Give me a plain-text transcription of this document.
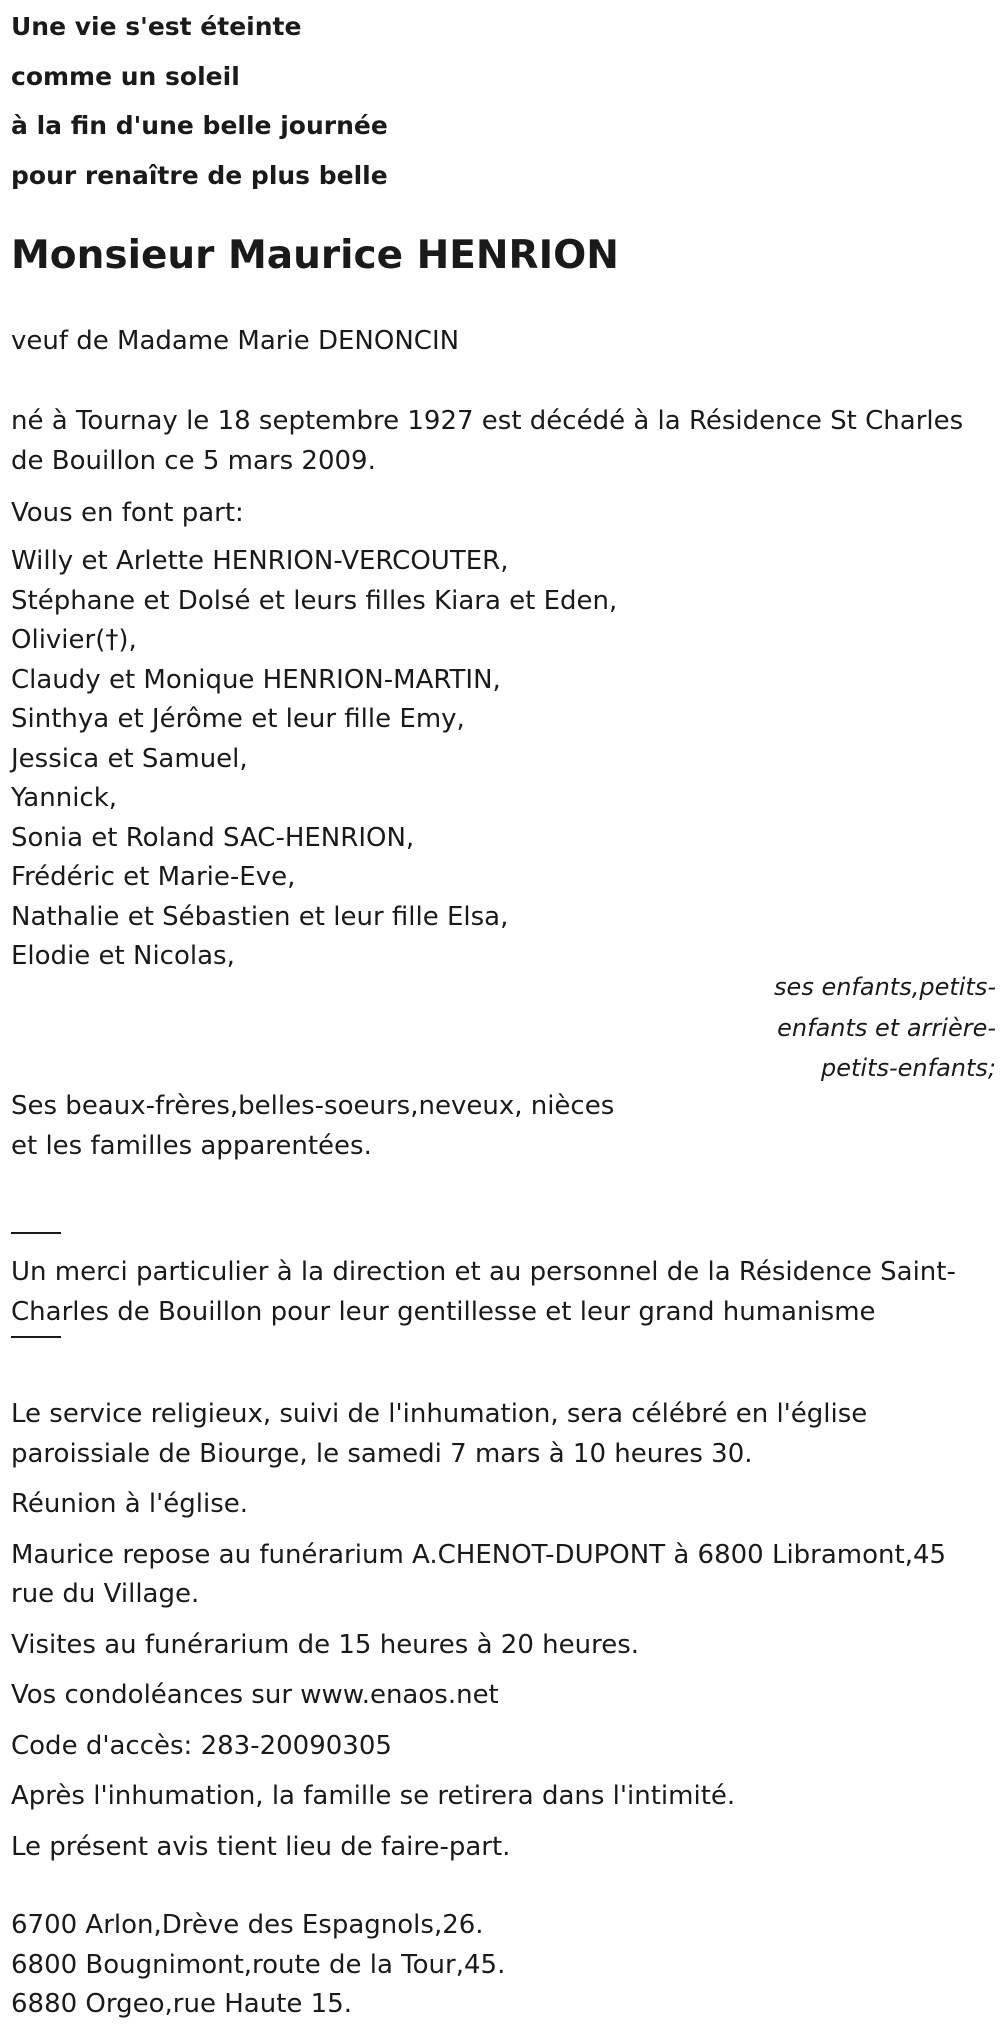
Une vie s'est éteinte

comme un soleil

à la fin d'une belle journée

pour renaître de plus belle

Monsieur Maurice HENRION

veuf de Madame Marie DENONCIN

né à Tournay le 18 septembre 1927 est décédé à la Résidence St Charles

de Bouillon ce 5 mars 2009.

Vous en font part:

Willy et Arlette HENRION-VERCOUTER,

Stéphane et Dolsé et leurs filles Kiara et Eden,

Olivier(†),

Claudy et Monique HENRION-MARTIN,

Sinthya et Jérôme et leur fille Emy,

Jessica et Samuel,

Yannick,

Sonia et Roland SAC-HENRION,

Frédéric et Marie-Eve,

Nathalie et Sébastien et leur fille Elsa,

Elodie et Nicolas,

ses enfants,petits-
enfants et arrière-
petits-enfants;

Ses beaux-frères,belles-soeurs,neveux, nièces

et les familles apparentées.

Un merci particulier à la direction et au personnel de la Résidence Saint-

Charles de Bouillon pour leur gentillesse et leur grand humanisme

Le service religieux, suivi de l'inhumation, sera célébré en l'église

paroissiale de Biourge, le samedi 7 mars à 10 heures 30.

Réunion à l'église.

Maurice repose au funérarium A.CHENOT-DUPONT à 6800 Libramont,45

rue du Village.

Visites au funérarium de 15 heures à 20 heures.

Vos condoléances sur www.enaos.net

Code d'accès: 283-20090305

Après l'inhumation, la famille se retirera dans l'intimité.

Le présent avis tient lieu de faire-part.

6700 Arlon,Drève des Espagnols,26.

6800 Bougnimont,route de la Tour,45.

6880 Orgeo,rue Haute 15.
